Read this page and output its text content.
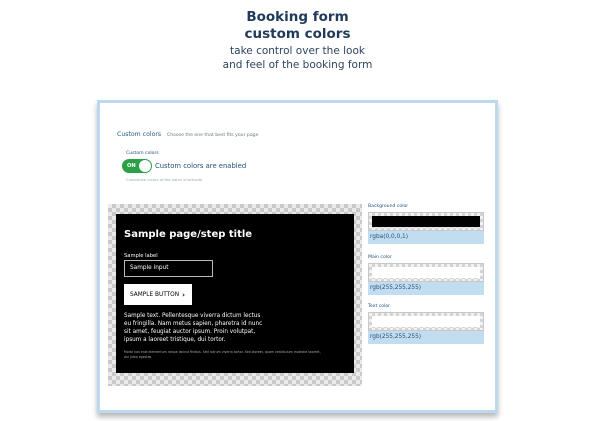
Booking form
custom colors
take control over the look
and feel of the booking form
Custom colors Choose the one that best fits your page
Custom colors
ON	Custom colors are enabled
Customize colors of the salon shortcode
Sample page/step title
Sample label
Sample input
SAMPLE BUTTON ›
Sample text. Pellentesque viverra dictum lectus eu fringilla. Nam metus sapien, pharetra id nunc sit amet, feugiat auctor ipsum. Proin volutpat, ipsum a laoreet tristique, dui tortor.
Morbi non erat elementum neque lacinia finibus. Sed rutrum viverra tortor. Sed laoreet, quam vestibulum molestie laoreet, dui justo egestas.
Background color
rgba(0,0,0,1)
Main color
rgb(255,255,255)
Text color
rgb(255,255,255)
